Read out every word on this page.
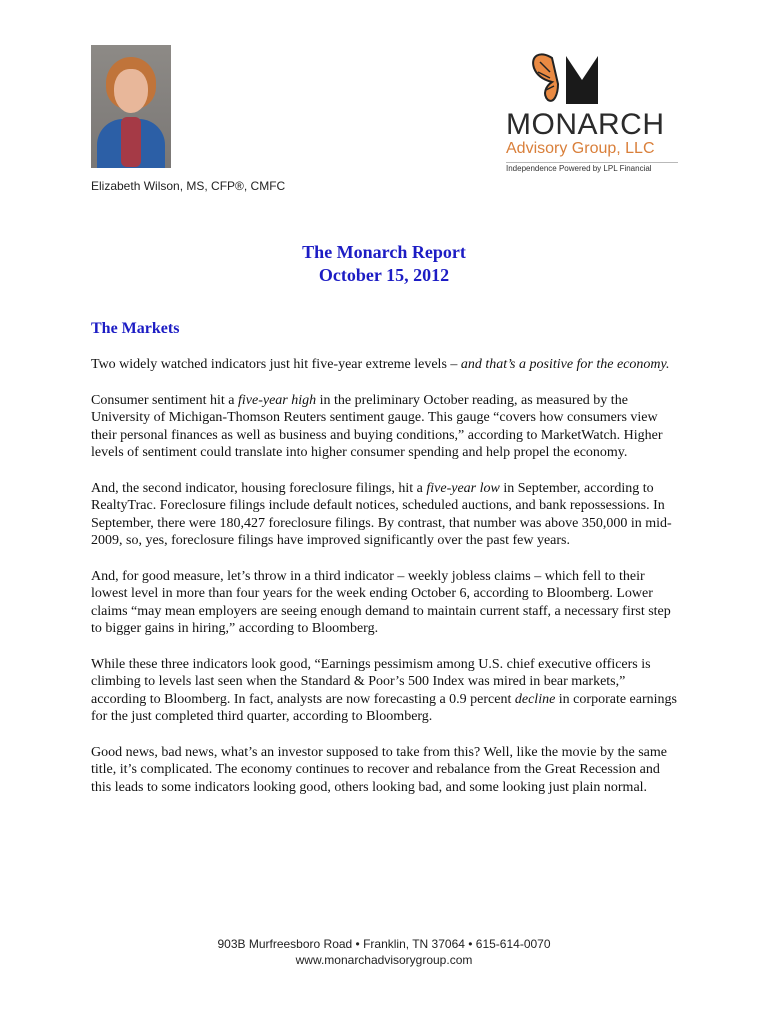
MONARCH
Advisory Group, LLC
Independence Powered by LPL Financial
Elizabeth Wilson, MS, CFP®, CMFC
The Monarch Report
October 15, 2012
The Markets

Two widely watched indicators just hit five-year extreme levels – and that’s a positive for the economy.

Consumer sentiment hit a five-year high in the preliminary October reading, as measured by the University of Michigan-Thomson Reuters sentiment gauge. This gauge “covers how consumers view their personal finances as well as business and buying conditions,” according to MarketWatch. Higher levels of sentiment could translate into higher consumer spending and help propel the economy.

And, the second indicator, housing foreclosure filings, hit a five-year low in September, according to RealtyTrac. Foreclosure filings include default notices, scheduled auctions, and bank repossessions. In September, there were 180,427 foreclosure filings. By contrast, that number was above 350,000 in mid-2009, so, yes, foreclosure filings have improved significantly over the past few years.

And, for good measure, let’s throw in a third indicator – weekly jobless claims – which fell to their lowest level in more than four years for the week ending October 6, according to Bloomberg. Lower claims “may mean employers are seeing enough demand to maintain current staff, a necessary first step to bigger gains in hiring,” according to Bloomberg.

While these three indicators look good, “Earnings pessimism among U.S. chief executive officers is climbing to levels last seen when the Standard & Poor’s 500 Index was mired in bear markets,” according to Bloomberg. In fact, analysts are now forecasting a 0.9 percent decline in corporate earnings for the just completed third quarter, according to Bloomberg.

Good news, bad news, what’s an investor supposed to take from this? Well, like the movie by the same title, it’s complicated. The economy continues to recover and rebalance from the Great Recession and this leads to some indicators looking good, others looking bad, and some looking just plain normal.

903B Murfreesboro Road • Franklin, TN 37064 • 615-614-0070
www.monarchadvisorygroup.com
